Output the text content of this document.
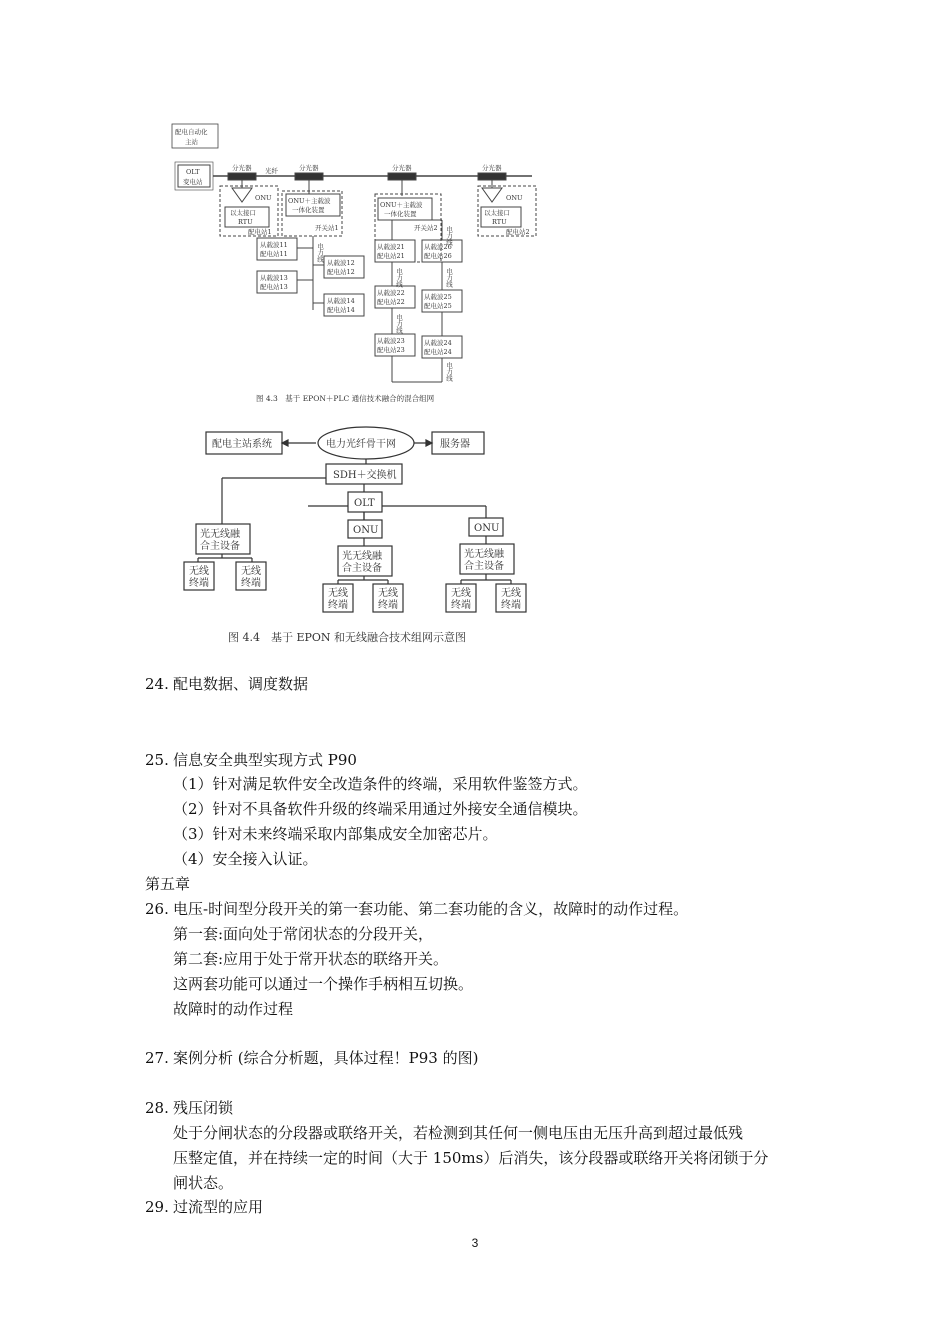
配电自动化
主站
OLT
变电站
分光器	分光器	分光器	分光器
光纤
ONU	ONU
以太接口
RTU
以太接口
RTU
配电站1	配电站2
ONU＋主载波
一体化装置
ONU＋主载波
一体化装置
开关站1	开关站2
电力线
电力线
电力线
电力线
电力线
电力线
从载波11
配电站11
从载波12
配电站12
从载波13
配电站13
从载波14
配电站14
从载波21
配电站21
从载波22
配电站22
从载波23
配电站23
从载波26
配电站26
从载波25
配电站25
从载波24
配电站24
图 4.3　基于 EPON＋PLC 通信技术融合的混合组网
配电主站系统	电力光纤骨干网	服务器
SDH＋交换机
OLT
ONU	ONU
光无线融
合主设备
光无线融
合主设备
光无线融
合主设备
无线
终端
无线
终端
无线
终端
无线
终端
无线
终端
无线
终端
图 4.4　基于 EPON 和无线融合技术组网示意图
24. 配电数据、调度数据
25. 信息安全典型实现方式 P90
（1）针对满足软件安全改造条件的终端，采用软件鉴签方式。
（2）针对不具备软件升级的终端采用通过外接安全通信模块。
（3）针对未来终端采取内部集成安全加密芯片。
（4）安全接入认证。
第五章
26. 电压-时间型分段开关的第一套功能、第二套功能的含义，故障时的动作过程。
第一套:面向处于常闭状态的分段开关，
第二套:应用于处于常开状态的联络开关。
这两套功能可以通过一个操作手柄相互切换。
故障时的动作过程
27. 案例分析 (综合分析题，具体过程！P93 的图)
28. 残压闭锁
处于分闸状态的分段器或联络开关，若检测到其任何一侧电压由无压升高到超过最低残
压整定值，并在持续一定的时间（大于 150ms）后消失，该分段器或联络开关将闭锁于分
闸状态。
29. 过流型的应用
3
